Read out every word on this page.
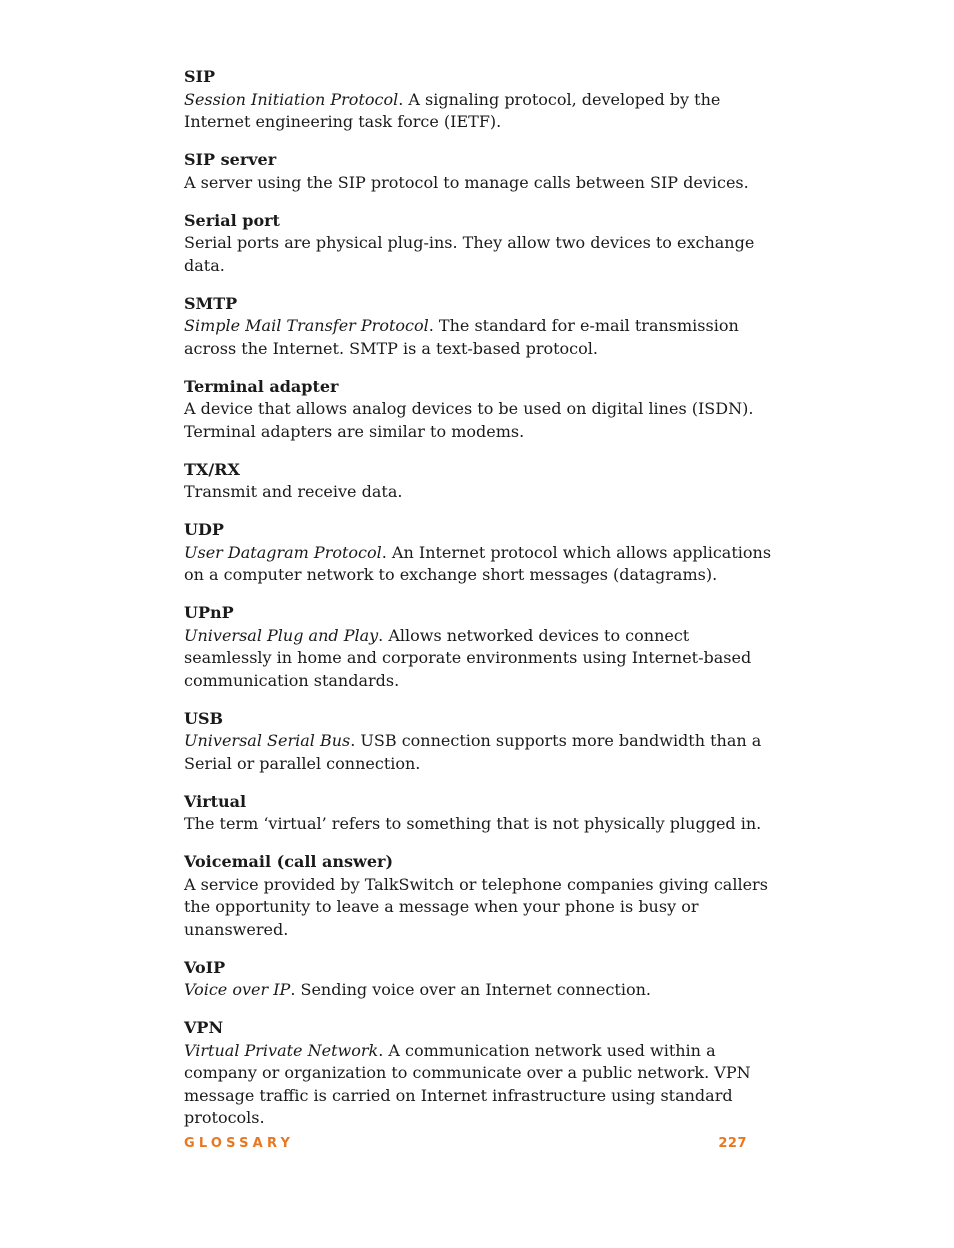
SIP
Session Initiation Protocol. A signaling protocol, developed by the Internet engineering task force (IETF).
SIP server
A server using the SIP protocol to manage calls between SIP devices.
Serial port
Serial ports are physical plug-ins. They allow two devices to exchange data.
SMTP
Simple Mail Transfer Protocol. The standard for e-mail transmission across the Internet. SMTP is a text-based protocol.
Terminal adapter
A device that allows analog devices to be used on digital lines (ISDN). Terminal adapters are similar to modems.
TX/RX
Transmit and receive data.
UDP
User Datagram Protocol. An Internet protocol which allows applications on a computer network to exchange short messages (datagrams).
UPnP
Universal Plug and Play. Allows networked devices to connect seamlessly in home and corporate environments using Internet-based communication standards.
USB
Universal Serial Bus. USB connection supports more bandwidth than a Serial or parallel connection.
Virtual
The term ‘virtual’ refers to something that is not physically plugged in.
Voicemail (call answer)
A service provided by TalkSwitch or telephone companies giving callers the opportunity to leave a message when your phone is busy or unanswered.
VoIP
Voice over IP. Sending voice over an Internet connection.
VPN
Virtual Private Network. A communication network used within a company or organization to communicate over a public network. VPN message traffic is carried on Internet infrastructure using standard protocols.
GLOSSARY	227
